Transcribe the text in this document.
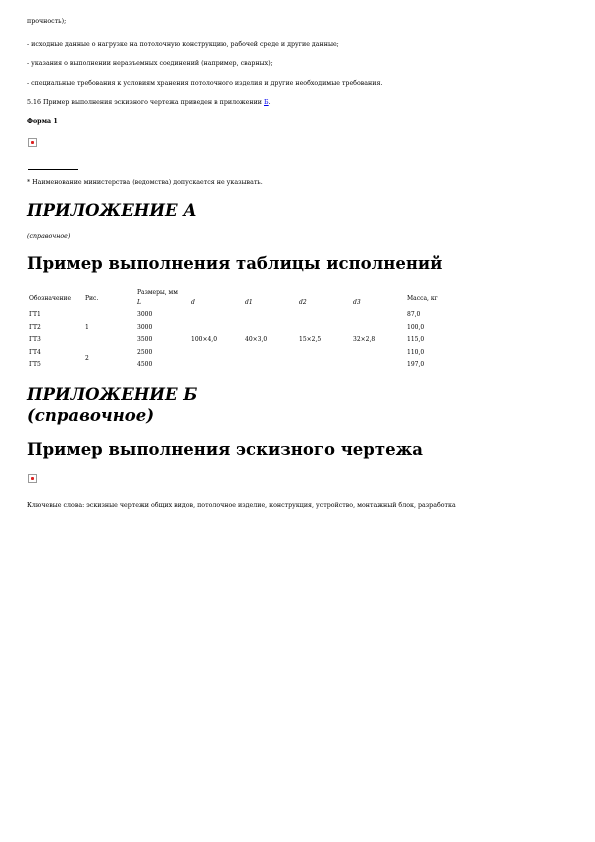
прочность);
- исходные данные о нагрузке на потолочную конструкцию, рабочей среде и другие данные;
- указания о выполнении неразъемных соединений (например, сварных);
- специальные требования к условиям хранения потолочного изделия и другие необходимые требования.
5.16 Пример выполнения эскизного чертежа приведен в приложении Б.
Форма 1
* Наименование министерства (ведомства) допускается не указывать.
ПРИЛОЖЕНИЕ А
(справочное)
Пример выполнения таблицы исполнений
Обозначение	Рис.	Размеры, мм					Масса, кг
		L	d	d1	d2	d3	
ГТ1	1	3000	100×4,0	40×3,0	15×2,5	32×2,8	87,0
ГТ2		3000					100,0
ГТ3		3500					115,0
ГТ4	2	2500					110,0
ГТ5		4500					197,0
ПРИЛОЖЕНИЕ Б
(справочное)
Пример выполнения эскизного чертежа
Ключевые слова: эскизные чертежи общих видов, потолочное изделие, конструкция, устройство, монтажный блок, разработка
